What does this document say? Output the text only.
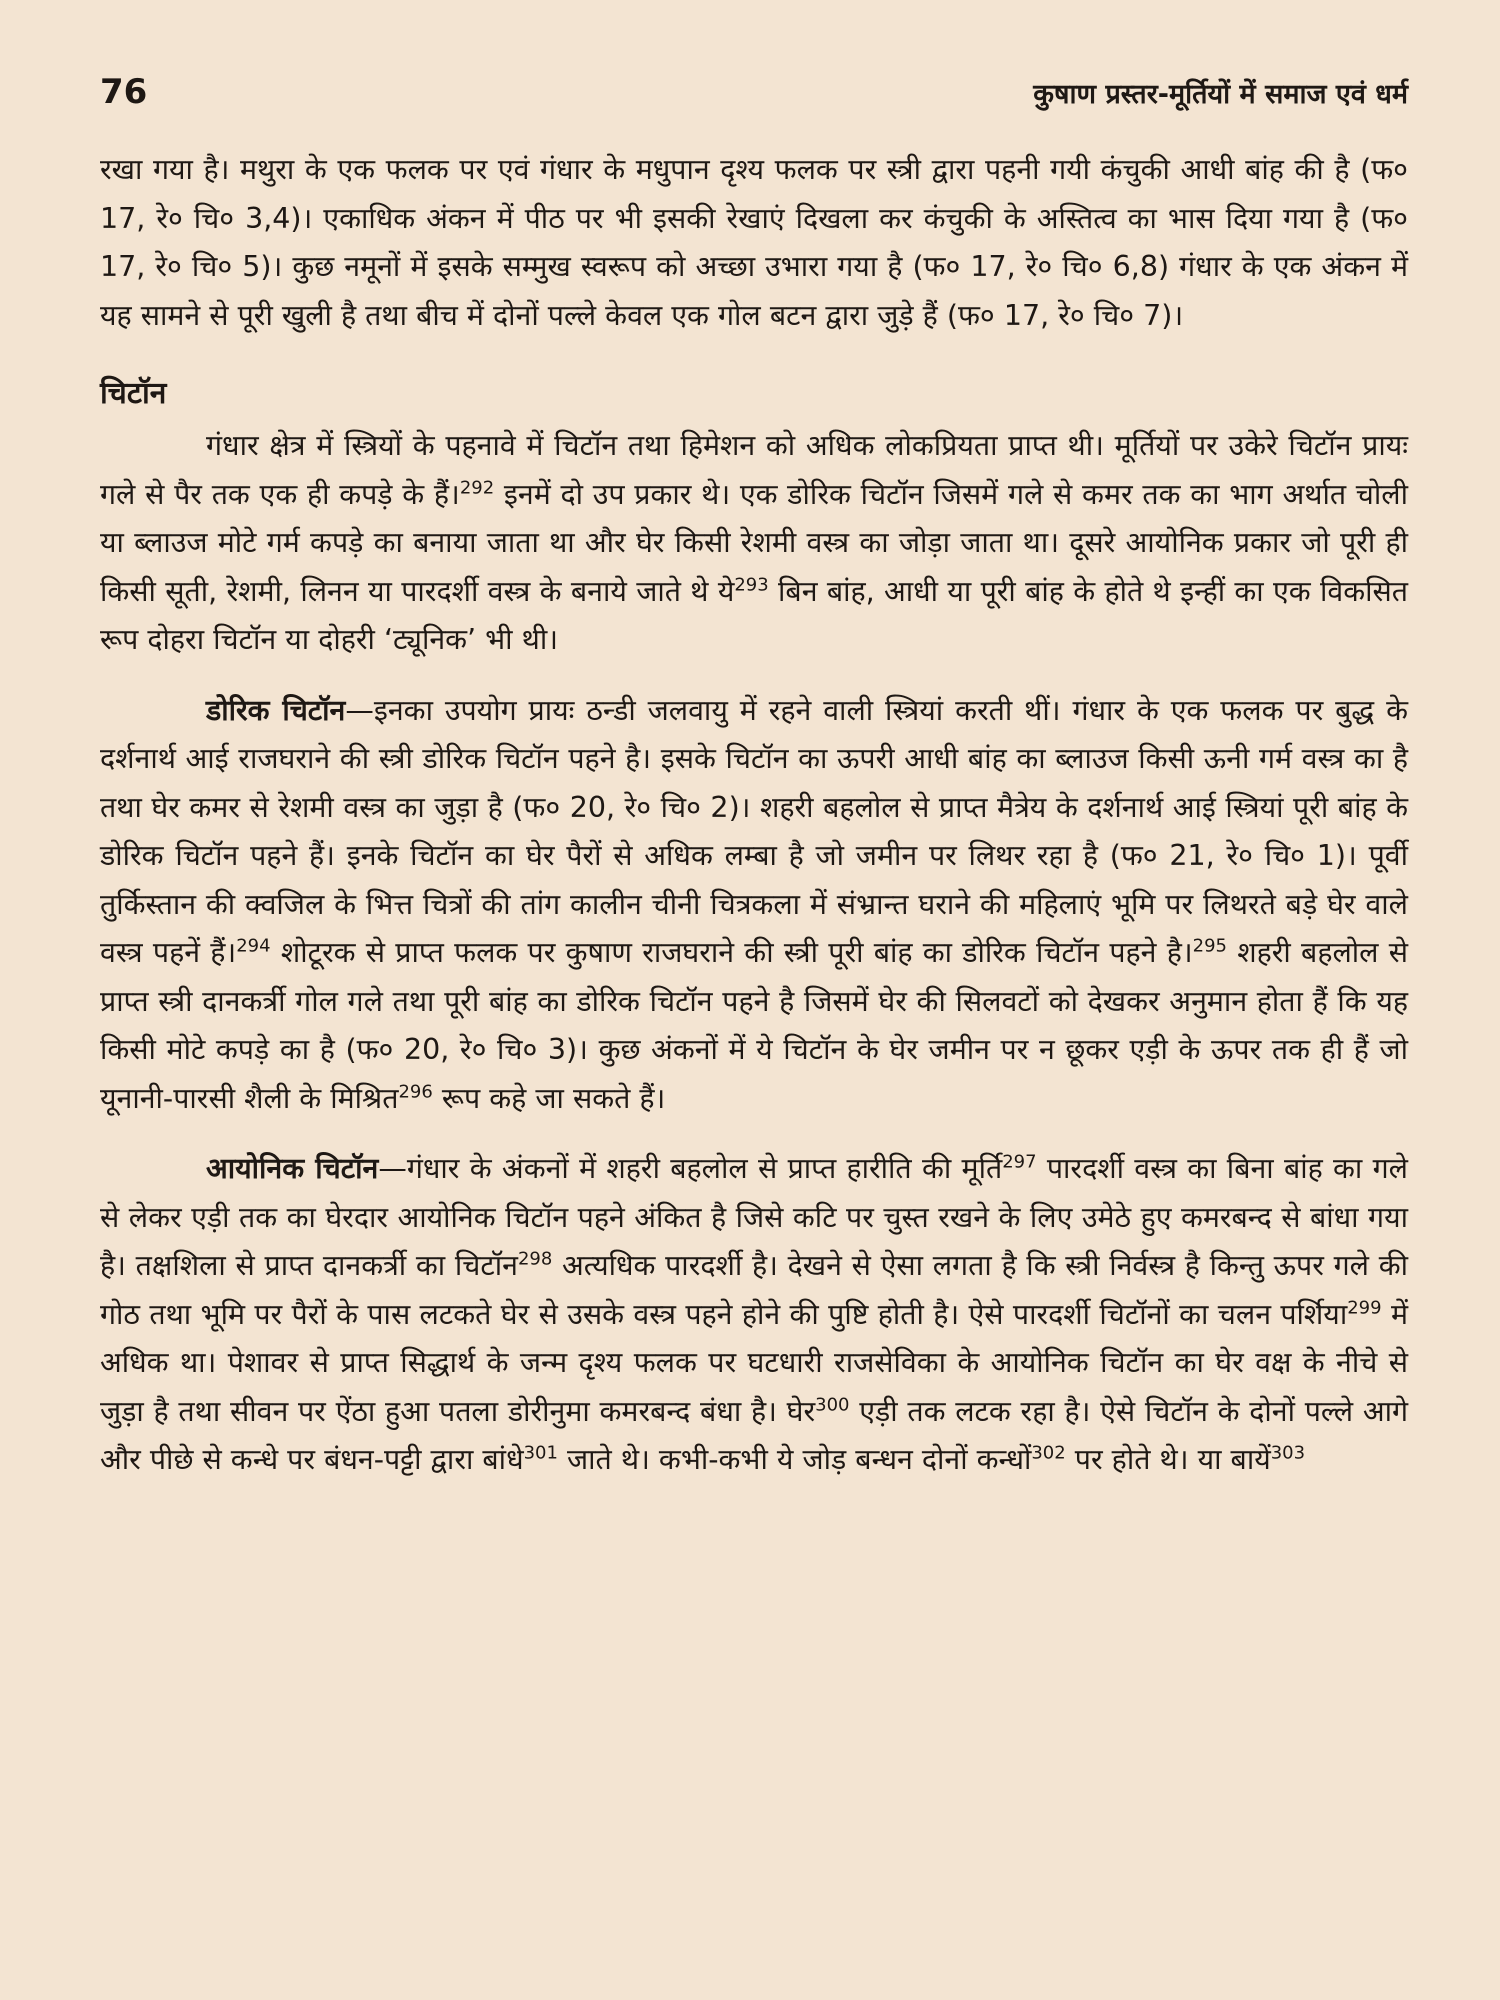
76	कुषाण प्रस्तर-मूर्तियों में समाज एवं धर्म

रखा गया है। मथुरा के एक फलक पर एवं गंधार के मधुपान दृश्य फलक पर स्त्री द्वारा पहनी गयी कंचुकी आधी बांह की है (फ० 17, रे० चि० 3,4)। एकाधिक अंकन में पीठ पर भी इसकी रेखाएं दिखला कर कंचुकी के अस्तित्व का भास दिया गया है (फ० 17, रे० चि० 5)। कुछ नमूनों में इसके सम्मुख स्वरूप को अच्छा उभारा गया है (फ० 17, रे० चि० 6,8) गंधार के एक अंकन में यह सामने से पूरी खुली है तथा बीच में दोनों पल्ले केवल एक गोल बटन द्वारा जुड़े हैं (फ० 17, रे० चि० 7)।

चिटॉन

गंधार क्षेत्र में स्त्रियों के पहनावे में चिटॉन तथा हिमेशन को अधिक लोकप्रियता प्राप्त थी। मूर्तियों पर उकेरे चिटॉन प्रायः गले से पैर तक एक ही कपड़े के हैं।$^{292}$ इनमें दो उप प्रकार थे। एक डोरिक चिटॉन जिसमें गले से कमर तक का भाग अर्थात चोली या ब्लाउज मोटे गर्म कपड़े का बनाया जाता था और घेर किसी रेशमी वस्त्र का जोड़ा जाता था। दूसरे आयोनिक प्रकार जो पूरी ही किसी सूती, रेशमी, लिनन या पारदर्शी वस्त्र के बनाये जाते थे ये$^{293}$ बिन बांह, आधी या पूरी बांह के होते थे इन्हीं का एक विकसित रूप दोहरा चिटॉन या दोहरी ‘ट्यूनिक’ भी थी।

डोरिक चिटॉन—इनका उपयोग प्रायः ठन्डी जलवायु में रहने वाली स्त्रियां करती थीं। गंधार के एक फलक पर बुद्ध के दर्शनार्थ आई राजघराने की स्त्री डोरिक चिटॉन पहने है। इसके चिटॉन का ऊपरी आधी बांह का ब्लाउज किसी ऊनी गर्म वस्त्र का है तथा घेर कमर से रेशमी वस्त्र का जुड़ा है (फ० 20, रे० चि० 2)। शहरी बहलोल से प्राप्त मैत्रेय के दर्शनार्थ आई स्त्रियां पूरी बांह के डोरिक चिटॉन पहने हैं। इनके चिटॉन का घेर पैरों से अधिक लम्बा है जो जमीन पर लिथर रहा है (फ० 21, रे० चि० 1)। पूर्वी तुर्किस्तान की क्वजिल के भित्त चित्रों की तांग कालीन चीनी चित्रकला में संभ्रान्त घराने की महिलाएं भूमि पर लिथरते बड़े घेर वाले वस्त्र पहनें हैं।$^{294}$ शोटूरक से प्राप्त फलक पर कुषाण राजघराने की स्त्री पूरी बांह का डोरिक चिटॉन पहने है।$^{295}$ शहरी बहलोल से प्राप्त स्त्री दानकर्त्री गोल गले तथा पूरी बांह का डोरिक चिटॉन पहने है जिसमें घेर की सिलवटों को देखकर अनुमान होता हैं कि यह किसी मोटे कपड़े का है (फ० 20, रे० चि० 3)। कुछ अंकनों में ये चिटॉन के घेर जमीन पर न छूकर एड़ी के ऊपर तक ही हैं जो यूनानी-पारसी शैली के मिश्रित$^{296}$ रूप कहे जा सकते हैं।

आयोनिक चिटॉन—गंधार के अंकनों में शहरी बहलोल से प्राप्त हारीति की मूर्ति$^{297}$ पारदर्शी वस्त्र का बिना बांह का गले से लेकर एड़ी तक का घेरदार आयोनिक चिटॉन पहने अंकित है जिसे कटि पर चुस्त रखने के लिए उमेठे हुए कमरबन्द से बांधा गया है। तक्षशिला से प्राप्त दानकर्त्री का चिटॉन$^{298}$ अत्यधिक पारदर्शी है। देखने से ऐसा लगता है कि स्त्री निर्वस्त्र है किन्तु ऊपर गले की गोठ तथा भूमि पर पैरों के पास लटकते घेर से उसके वस्त्र पहने होने की पुष्टि होती है। ऐसे पारदर्शी चिटॉनों का चलन पर्शिया$^{299}$ में अधिक था। पेशावर से प्राप्त सिद्धार्थ के जन्म दृश्य फलक पर घटधारी राजसेविका के आयोनिक चिटॉन का घेर वक्ष के नीचे से जुड़ा है तथा सीवन पर ऐंठा हुआ पतला डोरीनुमा कमरबन्द बंधा है। घेर$^{300}$ एड़ी तक लटक रहा है। ऐसे चिटॉन के दोनों पल्ले आगे और पीछे से कन्धे पर बंधन-पट्टी द्वारा बांधे$^{301}$ जाते थे। कभी-कभी ये जोड़ बन्धन दोनों कन्धों$^{302}$ पर होते थे। या बायें$^{303}$
